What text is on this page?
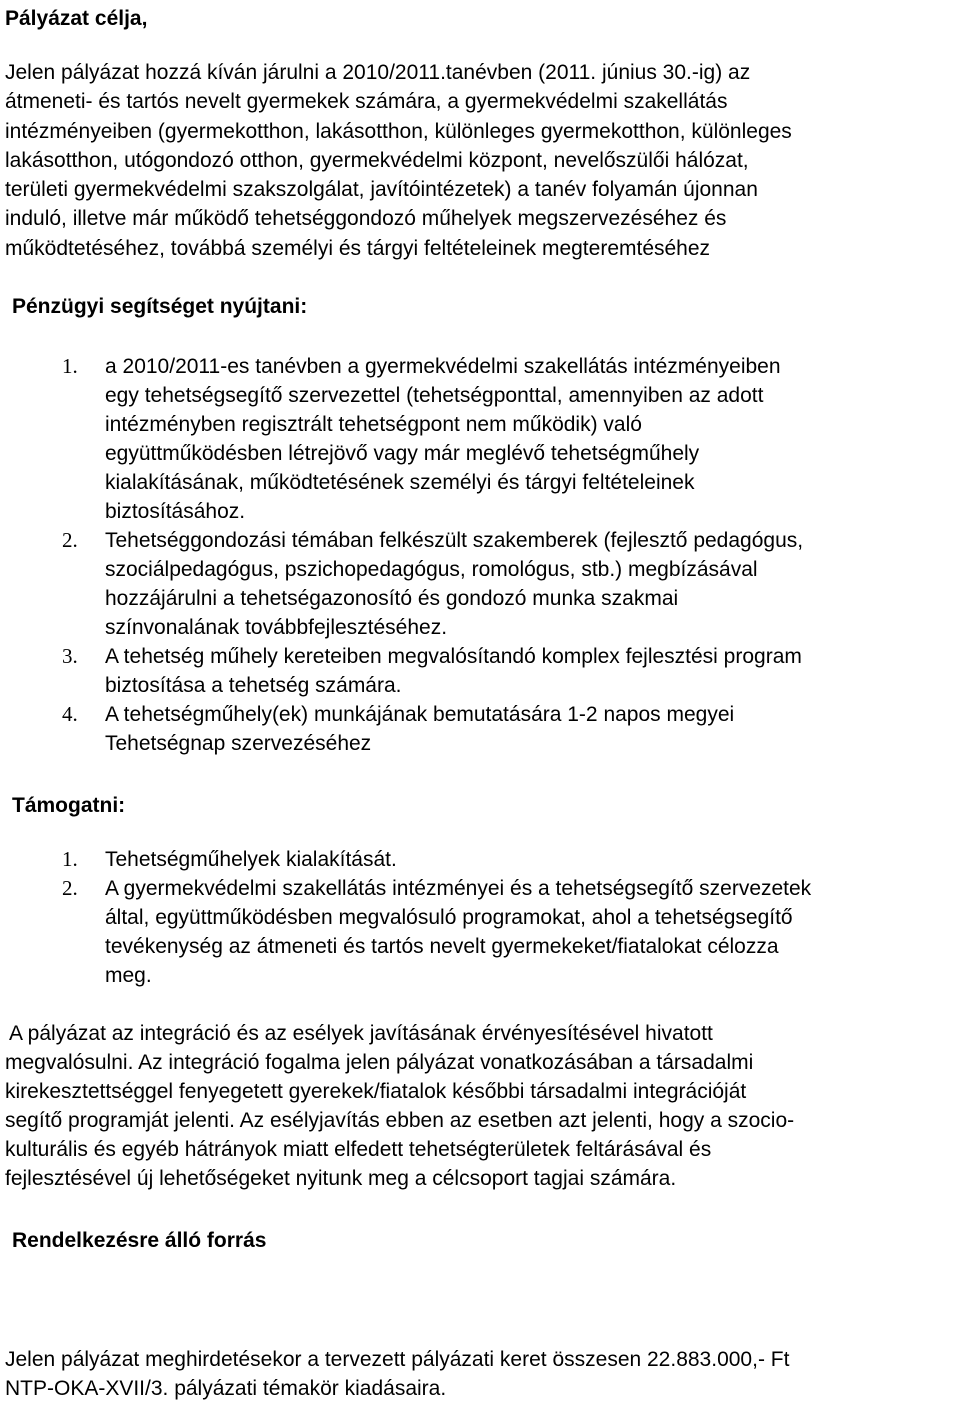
Pályázat célja,
Jelen pályázat hozzá kíván járulni a 2010/2011.tanévben (2011. június 30.-ig) az
átmeneti- és tartós nevelt gyermekek számára, a gyermekvédelmi szakellátás
intézményeiben (gyermekotthon, lakásotthon, különleges gyermekotthon, különleges
lakásotthon, utógondozó otthon, gyermekvédelmi központ, nevelőszülői hálózat,
területi gyermekvédelmi szakszolgálat, javítóintézetek) a tanév folyamán újonnan
induló, illetve már működő tehetséggondozó műhelyek megszervezéséhez és
működtetéséhez, továbbá személyi és tárgyi feltételeinek megteremtéséhez
Pénzügyi segítséget nyújtani:
1. a 2010/2011-es tanévben a gyermekvédelmi szakellátás intézményeiben
egy tehetségsegítő szervezettel (tehetségponttal, amennyiben az adott
intézményben regisztrált tehetségpont nem működik) való
együttműködésben létrejövő vagy már meglévő tehetségműhely
kialakításának, működtetésének személyi és tárgyi feltételeinek
biztosításához.
2. Tehetséggondozási témában felkészült szakemberek (fejlesztő pedagógus,
szociálpedagógus, pszichopedagógus, romológus, stb.) megbízásával
hozzájárulni a tehetségazonosító és gondozó munka szakmai
színvonalának továbbfejlesztéséhez.
3. A tehetség műhely kereteiben megvalósítandó komplex fejlesztési program
biztosítása a tehetség számára.
4. A tehetségműhely(ek) munkájának bemutatására 1-2 napos megyei
Tehetségnap szervezéséhez
Támogatni:
1. Tehetségműhelyek kialakítását.
2. A gyermekvédelmi szakellátás intézményei és a tehetségsegítő szervezetek
által, együttműködésben megvalósuló programokat, ahol a tehetségsegítő
tevékenység az átmeneti és tartós nevelt gyermekeket/fiatalokat célozza
meg.
A pályázat az integráció és az esélyek javításának érvényesítésével hivatott
megvalósulni. Az integráció fogalma jelen pályázat vonatkozásában a társadalmi
kirekesztettséggel fenyegetett gyerekek/fiatalok későbbi társadalmi integrációját
segítő programját jelenti. Az esélyjavítás ebben az esetben azt jelenti, hogy a szocio-
kulturális és egyéb hátrányok miatt elfedett tehetségterületek feltárásával és
fejlesztésével új lehetőségeket nyitunk meg a célcsoport tagjai számára.
Rendelkezésre álló forrás
Jelen pályázat meghirdetésekor a tervezett pályázati keret összesen 22.883.000,- Ft
NTP-OKA-XVII/3. pályázati témakör kiadásaira.
